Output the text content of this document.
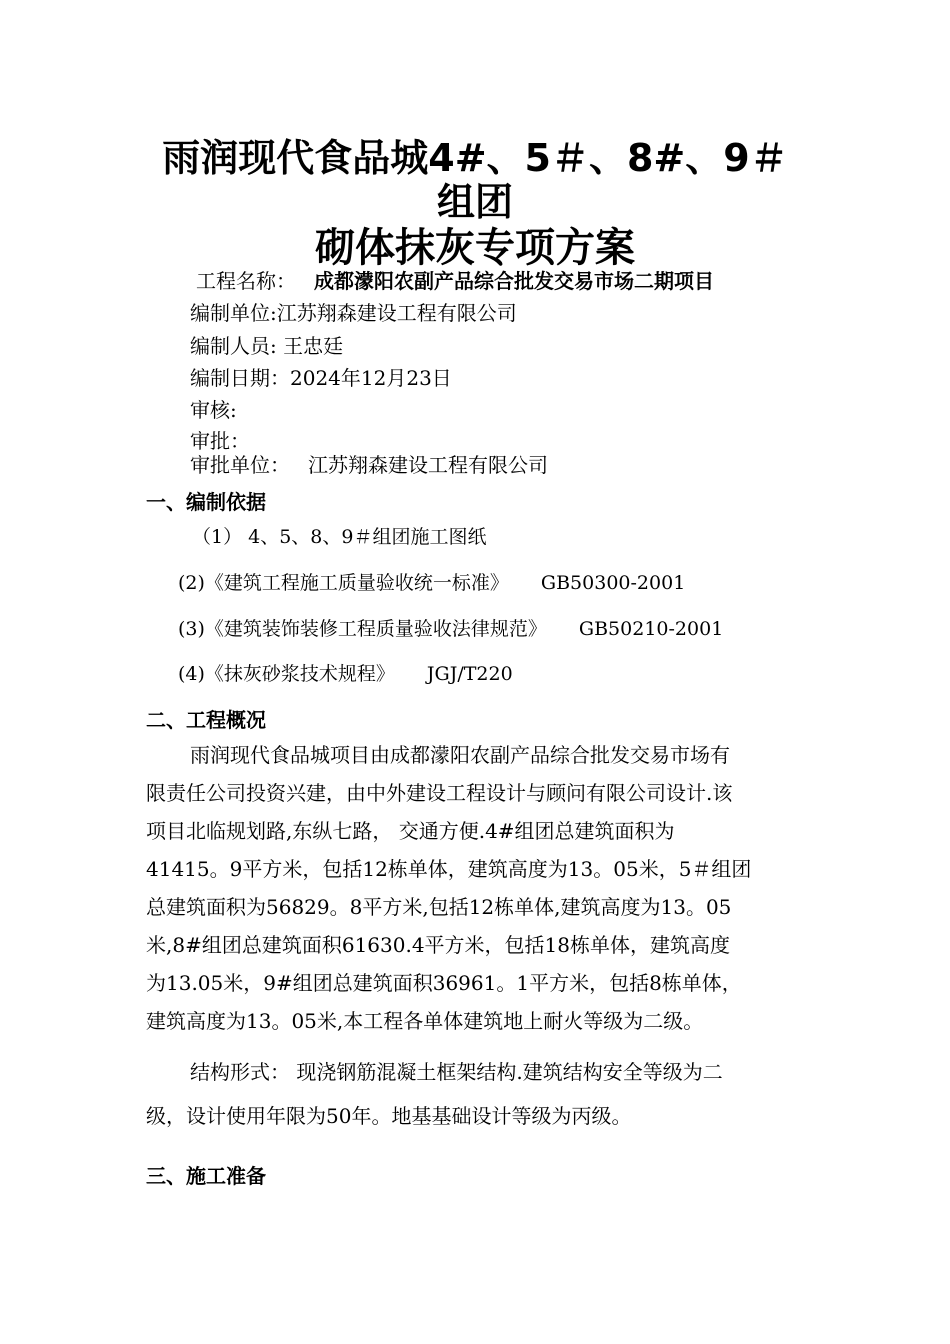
雨润现代食品城4#、5＃、8#、9＃
组团
砌体抹灰专项方案
工程名称： 成都濛阳农副产品综合批发交易市场二期项目
编制单位:江苏翔森建设工程有限公司
编制人员: 王忠廷
编制日期：2024年12月23日
审核:
审批：
审批单位： 江苏翔森建设工程有限公司
一、编制依据
（1） 4、5、8、9＃组团施工图纸
(2)《建筑工程施工质量验收统一标准》 GB50300-2001
(3)《建筑装饰装修工程质量验收法律规范》 GB50210-2001
(4)《抹灰砂浆技术规程》 JGJ/T220
二、工程概况
雨润现代食品城项目由成都濛阳农副产品综合批发交易市场有
限责任公司投资兴建，由中外建设工程设计与顾问有限公司设计.该
项目北临规划路,东纵七路， 交通方便.4#组团总建筑面积为
41415。9平方米，包括12栋单体，建筑高度为13。05米，5＃组团
总建筑面积为56829。8平方米,包括12栋单体,建筑高度为13。05
米,8#组团总建筑面积61630.4平方米，包括18栋单体，建筑高度
为13.05米，9#组团总建筑面积36961。1平方米，包括8栋单体，
建筑高度为13。05米,本工程各单体建筑地上耐火等级为二级。
结构形式： 现浇钢筋混凝土框架结构.建筑结构安全等级为二
级，设计使用年限为50年。地基基础设计等级为丙级。
三、施工准备
